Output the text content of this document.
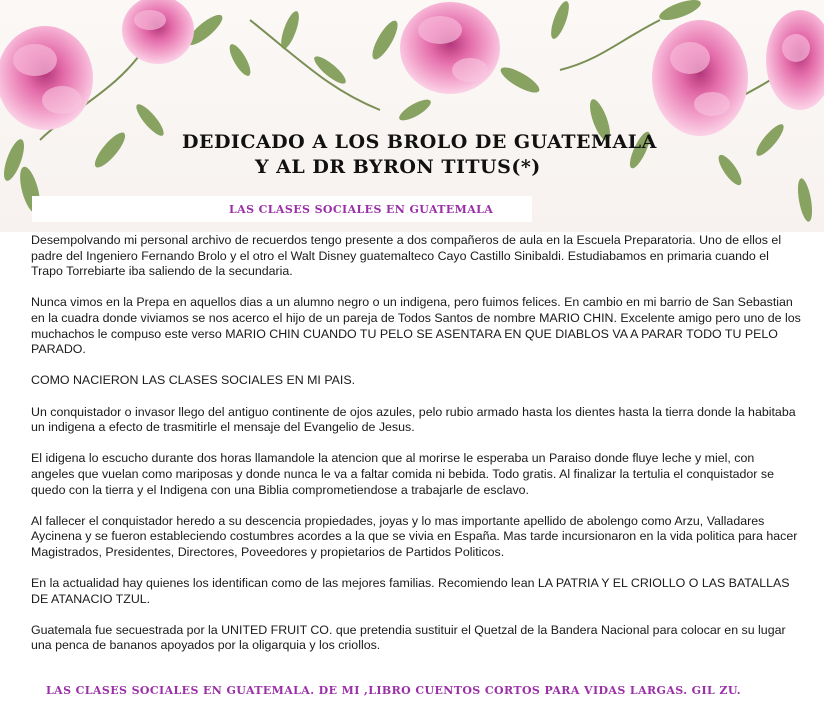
DEDICADO A LOS BROLO DE GUATEMALA
Y AL DR BYRON TITUS(*)
LAS CLASES SOCIALES EN GUATEMALA

Desempolvando mi personal archivo de recuerdos tengo presente a dos compañeros de aula en la Escuela Preparatoria. Uno de ellos el padre del Ingeniero Fernando Brolo y el otro el Walt Disney guatemalteco Cayo Castillo Sinibaldi. Estudiabamos en primaria cuando el Trapo Torrebiarte iba saliendo de la secundaria.

Nunca vimos en la Prepa en aquellos dias a un alumno negro o un indigena, pero fuimos felices. En cambio en mi barrio de San Sebastian en la cuadra donde viviamos se nos acerco el hijo de un pareja de Todos Santos de nombre MARIO CHIN. Excelente amigo pero uno de los muchachos le compuso este verso MARIO CHIN CUANDO TU PELO SE ASENTARA EN QUE DIABLOS VA A PARAR TODO TU PELO PARADO.

COMO NACIERON LAS CLASES SOCIALES EN MI PAIS.

Un conquistador o invasor llego del antiguo continente de ojos azules, pelo rubio armado hasta los dientes hasta la tierra donde la habitaba un indigena a efecto de trasmitirle el mensaje del Evangelio de Jesus.

El idigena lo escucho durante dos horas llamandole la atencion que al morirse le esperaba un Paraiso donde fluye leche y miel, con angeles que vuelan como mariposas y donde nunca le va a faltar comida ni bebida. Todo gratis. Al finalizar la tertulia el conquistador se quedo con la tierra y el Indigena con una Biblia comprometiendose a trabajarle de esclavo.

Al fallecer el conquistador heredo a su descencia propiedades, joyas y lo mas importante apellido de abolengo como Arzu, Valladares Aycinena y se fueron estableciendo costumbres acordes a la que se vivia en España. Mas tarde incursionaron en la vida politica para hacer Magistrados, Presidentes, Directores, Poveedores y propietarios de Partidos Politicos.

En la actualidad hay quienes los identifican como de las mejores familias. Recomiendo lean LA PATRIA Y EL CRIOLLO O LAS BATALLAS DE ATANACIO TZUL.

Guatemala fue secuestrada por la UNITED FRUIT CO. que pretendia sustituir el Quetzal de la Bandera Nacional para colocar en su lugar una penca de bananos apoyados por la oligarquia y los criollos.

LAS CLASES SOCIALES EN GUATEMALA. DE MI ,LIBRO CUENTOS CORTOS PARA VIDAS LARGAS. GIL ZU.
